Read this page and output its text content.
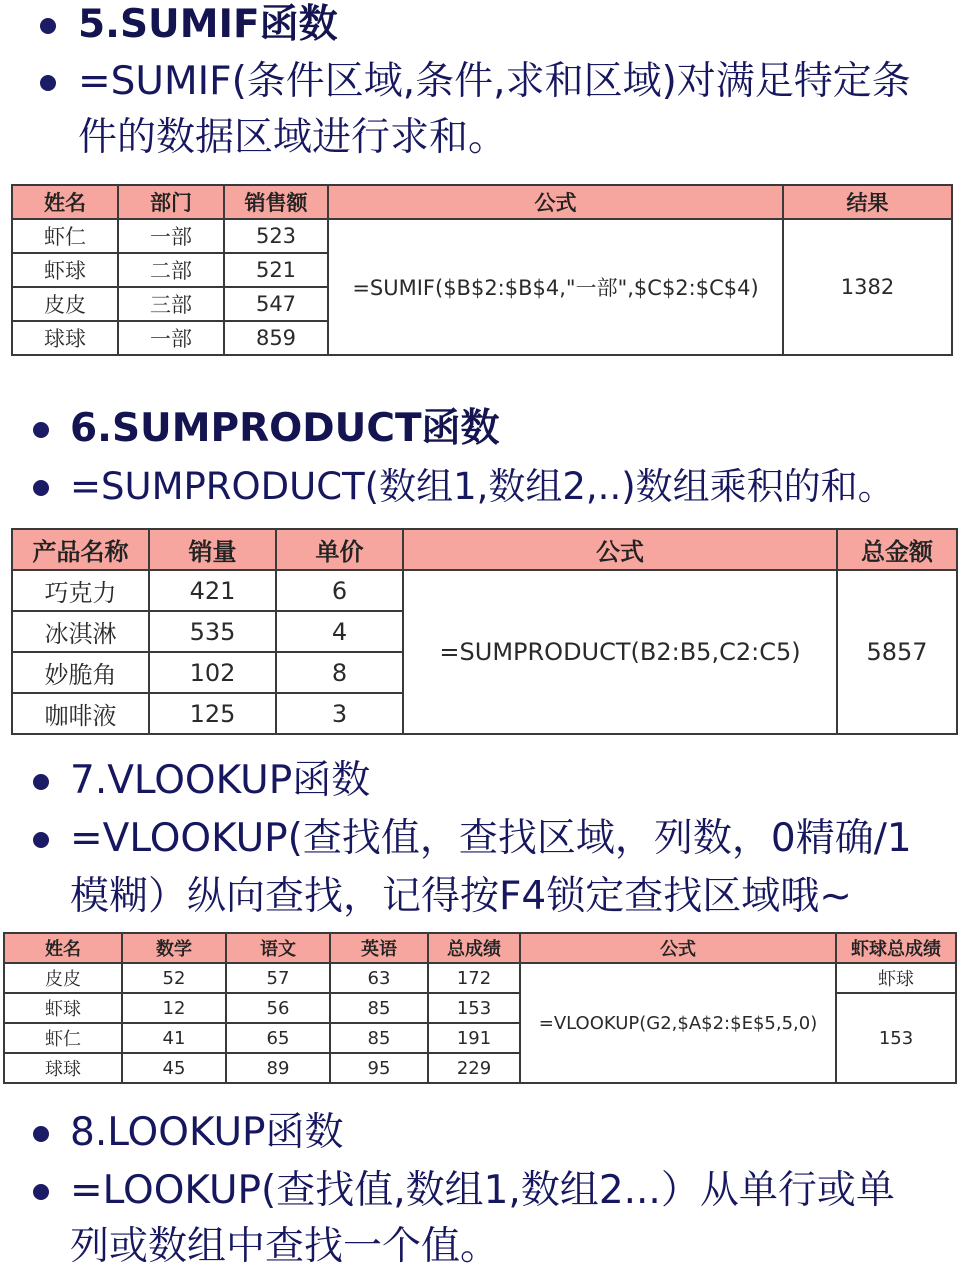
5.SUMIF函数
=SUMIF(条件区域,条件,求和区域)对满足特定条
件的数据区域进行求和。
姓名	部门	销售额	公式	结果
虾仁	一部	523	=SUMIF($B$2:$B$4,"一部",$C$2:$C$4)	1382
虾球	二部	521		
皮皮	三部	547		
球球	一部	859		
6.SUMPRODUCT函数
=SUMPRODUCT(数组1,数组2,..)数组乘积的和。
产品名称	销量	单价	公式	总金额
巧克力	421	6	=SUMPRODUCT(B2:B5,C2:C5)	5857
冰淇淋	535	4		
妙脆角	102	8		
咖啡液	125	3		
7.VLOOKUP函数
=VLOOKUP(查找值，查找区域，列数，0精确/1
模糊）纵向查找，记得按F4锁定查找区域哦~
姓名	数学	语文	英语	总成绩	公式	虾球总成绩
皮皮	52	57	63	172	=VLOOKUP(G2,$A$2:$E$5,5,0)	虾球
虾球	12	56	85	153		153
虾仁	41	65	85	191		
球球	45	89	95	229		
8.LOOKUP函数
=LOOKUP(查找值,数组1,数组2...）从单行或单
列或数组中查找一个值。
